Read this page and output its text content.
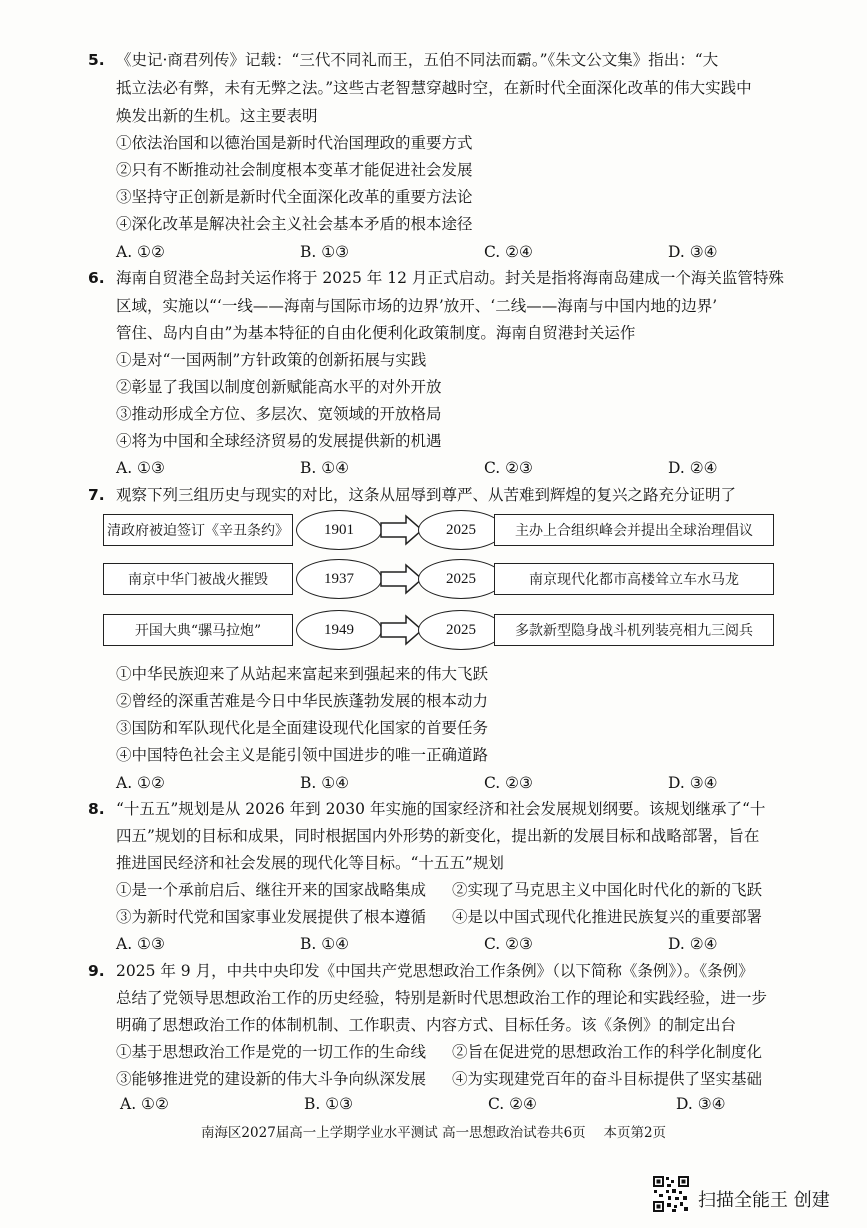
5. 《史记·商君列传》记载：“三代不同礼而王，五伯不同法而霸。”《朱文公文集》指出：“大
抵立法必有弊，未有无弊之法。”这些古老智慧穿越时空，在新时代全面深化改革的伟大实践中
焕发出新的生机。这主要表明
①依法治国和以德治国是新时代治国理政的重要方式
②只有不断推动社会制度根本变革才能促进社会发展
③坚持守正创新是新时代全面深化改革的重要方法论
④深化改革是解决社会主义社会基本矛盾的根本途径
A. ①②	B. ①③	C. ②④	D. ③④
6. 海南自贸港全岛封关运作将于 2025 年 12 月正式启动。封关是指将海南岛建成一个海关监管特殊
区域，实施以“‘一线——海南与国际市场的边界’放开、‘二线——海南与中国内地的边界’
管住、岛内自由”为基本特征的自由化便利化政策制度。海南自贸港封关运作
①是对“一国两制”方针政策的创新拓展与实践
②彰显了我国以制度创新赋能高水平的对外开放
③推动形成全方位、多层次、宽领域的开放格局
④将为中国和全球经济贸易的发展提供新的机遇
A. ①③	B. ①④	C. ②③	D. ②④
7. 观察下列三组历史与现实的对比，这条从屈辱到尊严、从苦难到辉煌的复兴之路充分证明了
清政府被迫签订《辛丑条约》	1901	2025	主办上合组织峰会并提出全球治理倡议
南京中华门被战火摧毁	1937	2025	南京现代化都市高楼耸立车水马龙
开国大典“骡马拉炮”	1949	2025	多款新型隐身战斗机列装亮相九三阅兵
①中华民族迎来了从站起来富起来到强起来的伟大飞跃
②曾经的深重苦难是今日中华民族蓬勃发展的根本动力
③国防和军队现代化是全面建设现代化国家的首要任务
④中国特色社会主义是能引领中国进步的唯一正确道路
A. ①②	B. ①④	C. ②③	D. ③④
8. “十五五”规划是从 2026 年到 2030 年实施的国家经济和社会发展规划纲要。该规划继承了“十
四五”规划的目标和成果，同时根据国内外形势的新变化，提出新的发展目标和战略部署，旨在
推进国民经济和社会发展的现代化等目标。“十五五”规划
①是一个承前启后、继往开来的国家战略集成 ②实现了马克思主义中国化时代化的新的飞跃
③为新时代党和国家事业发展提供了根本遵循 ④是以中国式现代化推进民族复兴的重要部署
A. ①③	B. ①④	C. ②③	D. ②④
9. 2025 年 9 月，中共中央印发《中国共产党思想政治工作条例》（以下简称《条例》）。《条例》
总结了党领导思想政治工作的历史经验，特别是新时代思想政治工作的理论和实践经验，进一步
明确了思想政治工作的体制机制、工作职责、内容方式、目标任务。该《条例》的制定出台
①基于思想政治工作是党的一切工作的生命线 ②旨在促进党的思想政治工作的科学化制度化
③能够推进党的建设新的伟大斗争向纵深发展 ④为实现建党百年的奋斗目标提供了坚实基础
A. ①②	B. ①③	C. ②④	D. ③④
南海区2027届高一上学期学业水平测试 高一思想政治试卷共6页　 本页第2页
扫描全能王 创建
